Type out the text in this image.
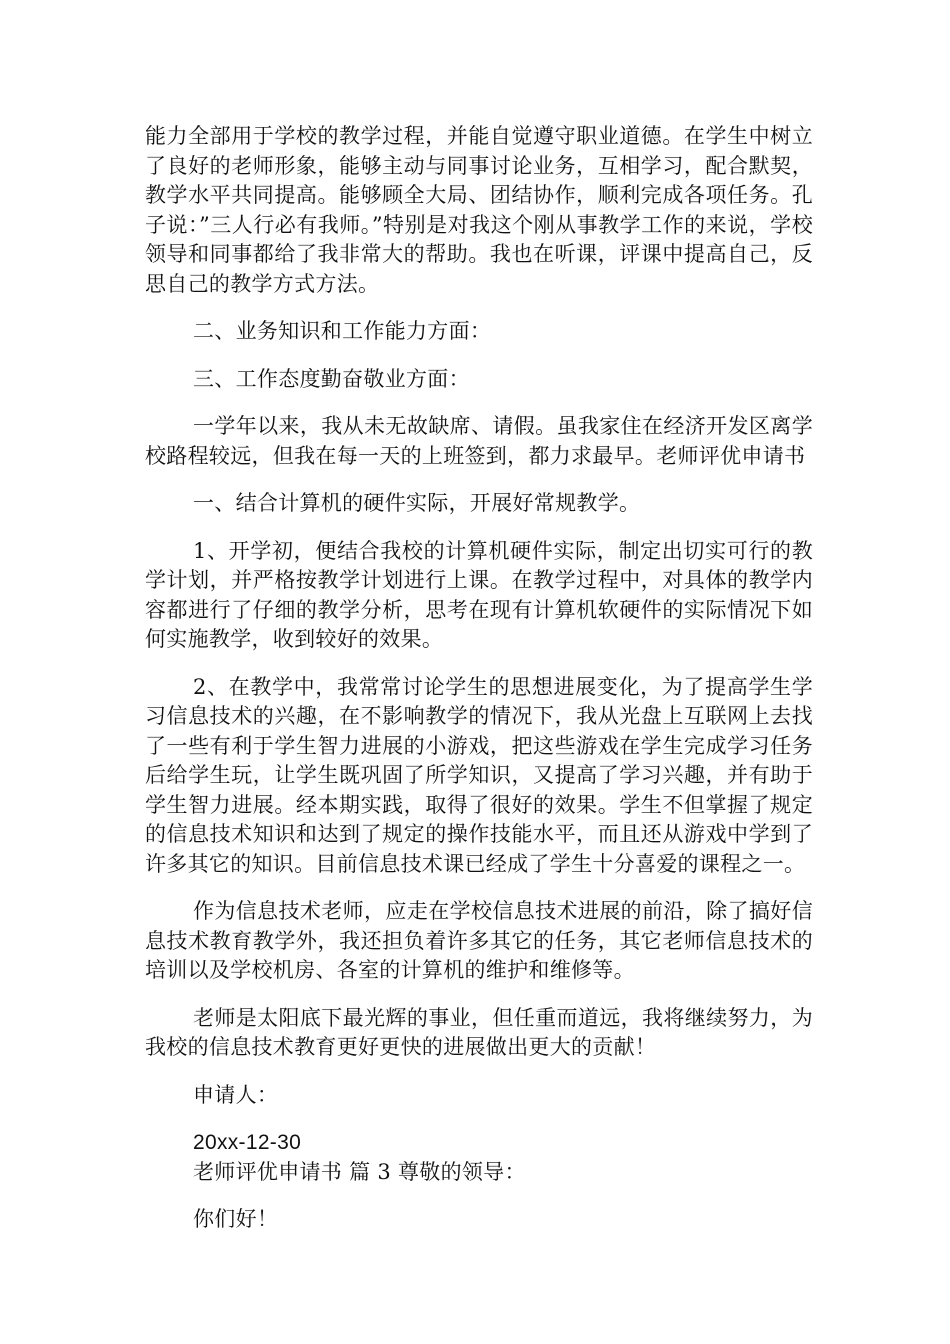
能力全部用于学校的教学过程，并能自觉遵守职业道德。在学生中树立了良好的老师形象，能够主动与同事讨论业务，互相学习，配合默契，教学水平共同提高。能够顾全大局、团结协作，顺利完成各项任务。孔子说：”三人行必有我师。”特别是对我这个刚从事教学工作的来说，学校领导和同事都给了我非常大的帮助。我也在听课，评课中提高自己，反思自己的教学方式方法。

二、业务知识和工作能力方面：

三、工作态度勤奋敬业方面：

一学年以来，我从未无故缺席、请假。虽我家住在经济开发区离学校路程较远，但我在每一天的上班签到，都力求最早。老师评优申请书

一、结合计算机的硬件实际，开展好常规教学。

1、开学初，便结合我校的计算机硬件实际，制定出切实可行的教学计划，并严格按教学计划进行上课。在教学过程中，对具体的教学内容都进行了仔细的教学分析，思考在现有计算机软硬件的实际情况下如何实施教学，收到较好的效果。

2、在教学中，我常常讨论学生的思想进展变化，为了提高学生学习信息技术的兴趣，在不影响教学的情况下，我从光盘上互联网上去找了一些有利于学生智力进展的小游戏，把这些游戏在学生完成学习任务后给学生玩，让学生既巩固了所学知识，又提高了学习兴趣，并有助于学生智力进展。经本期实践，取得了很好的效果。学生不但掌握了规定的信息技术知识和达到了规定的操作技能水平，而且还从游戏中学到了许多其它的知识。目前信息技术课已经成了学生十分喜爱的课程之一。

作为信息技术老师，应走在学校信息技术进展的前沿，除了搞好信息技术教育教学外，我还担负着许多其它的任务，其它老师信息技术的培训以及学校机房、各室的计算机的维护和维修等。

老师是太阳底下最光辉的事业，但任重而道远，我将继续努力，为我校的信息技术教育更好更快的进展做出更大的贡献！

申请人：

20xx-12-30

老师评优申请书 篇 3 尊敬的领导：

你们好！
